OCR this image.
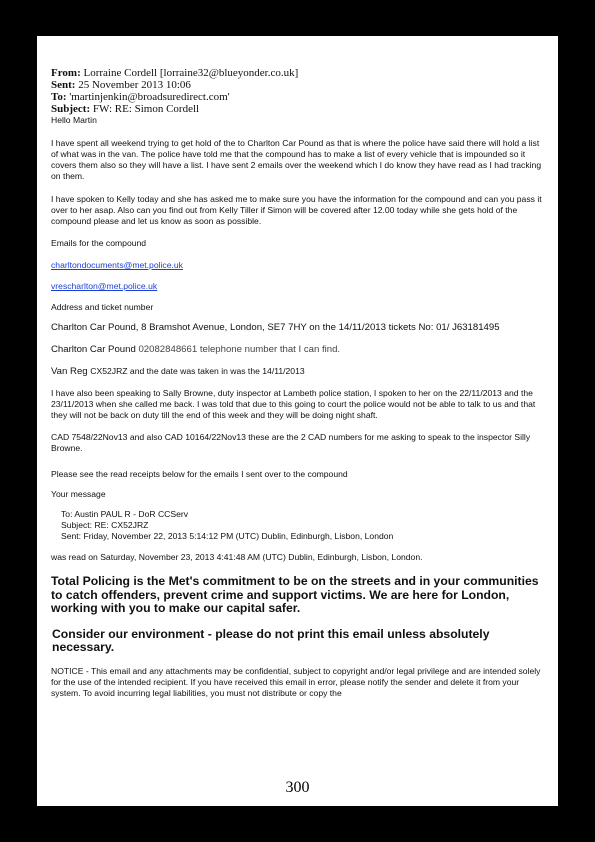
From: Lorraine Cordell [lorraine32@blueyonder.co.uk]
Sent: 25 November 2013 10:06
To: 'martinjenkin@broadsuredirect.com'
Subject: FW: RE: Simon Cordell

Hello Martin

I have spent all weekend trying to get hold of the to Charlton Car Pound as that is where the police have said there will hold a list of what was in the van. The police have told me that the compound has to make a list of every vehicle that is impounded so it covers them also so they will have a list. I have sent 2 emails over the weekend which I do know they have read as I had tracking on them.

I have spoken to Kelly today and she has asked me to make sure you have the information for the compound and can you pass it over to her asap. Also can you find out from Kelly Tiller if Simon will be covered after 12.00 today while she gets hold of the compound please and let us know as soon as possible.

Emails for the compound

charltondocuments@met.police.uk

vrescharlton@met.police.uk

Address and ticket number

Charlton Car Pound, 8 Bramshot Avenue, London, SE7 7HY on the 14/11/2013 tickets No: 01/ J63181495

Charlton Car Pound 02082848661 telephone number that I can find.

Van Reg CX52JRZ and the date was taken in was the 14/11/2013

I have also been speaking to Sally Browne, duty inspector at Lambeth police station, I spoken to her on the 22/11/2013 and the 23/11/2013 when she called me back. I was told that due to this going to court the police would not be able to talk to us and that they will not be back on duty till the end of this week and they will be doing night shaft.

CAD 7548/22Nov13 and also CAD 10164/22Nov13 these are the 2 CAD numbers for me asking to speak to the inspector Silly Browne.

Please see the read receipts below for the emails I sent over to the compound

Your message

To: Austin PAUL R - DoR CCServ
Subject: RE: CX52JRZ
Sent: Friday, November 22, 2013 5:14:12 PM (UTC) Dublin, Edinburgh, Lisbon, London

was read on Saturday, November 23, 2013 4:41:48 AM (UTC) Dublin, Edinburgh, Lisbon, London.

Total Policing is the Met's commitment to be on the streets and in your communities to catch offenders, prevent crime and support victims. We are here for London, working with you to make our capital safer.

Consider our environment - please do not print this email unless absolutely necessary.

NOTICE - This email and any attachments may be confidential, subject to copyright and/or legal privilege and are intended solely for the use of the intended recipient. If you have received this email in error, please notify the sender and delete it from your system. To avoid incurring legal liabilities, you must not distribute or copy the

300
